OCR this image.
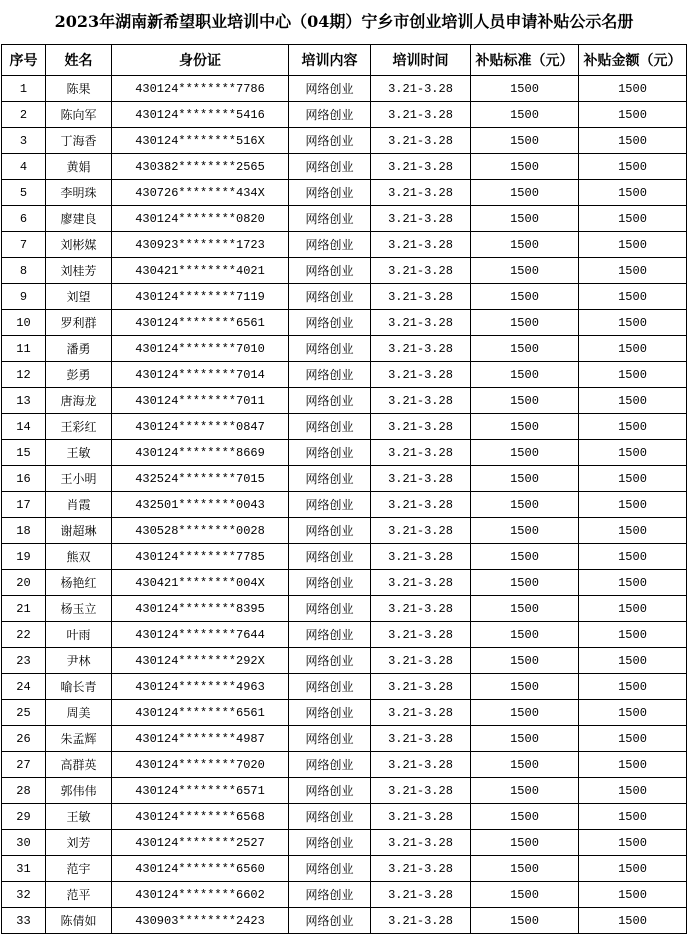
2023年湖南新希望职业培训中心（04期）宁乡市创业培训人员申请补贴公示名册
序号	姓名	身份证	培训内容	培训时间	补贴标准（元）	补贴金额（元）
1	陈果	430124********7786	网络创业	3.21-3.28	1500	1500
2	陈向军	430124********5416	网络创业	3.21-3.28	1500	1500
3	丁海香	430124********516X	网络创业	3.21-3.28	1500	1500
4	黄娟	430382********2565	网络创业	3.21-3.28	1500	1500
5	李明珠	430726********434X	网络创业	3.21-3.28	1500	1500
6	廖建良	430124********0820	网络创业	3.21-3.28	1500	1500
7	刘彬媒	430923********1723	网络创业	3.21-3.28	1500	1500
8	刘桂芳	430421********4021	网络创业	3.21-3.28	1500	1500
9	刘望	430124********7119	网络创业	3.21-3.28	1500	1500
10	罗利群	430124********6561	网络创业	3.21-3.28	1500	1500
11	潘勇	430124********7010	网络创业	3.21-3.28	1500	1500
12	彭勇	430124********7014	网络创业	3.21-3.28	1500	1500
13	唐海龙	430124********7011	网络创业	3.21-3.28	1500	1500
14	王彩红	430124********0847	网络创业	3.21-3.28	1500	1500
15	王敏	430124********8669	网络创业	3.21-3.28	1500	1500
16	王小明	432524********7015	网络创业	3.21-3.28	1500	1500
17	肖霞	432501********0043	网络创业	3.21-3.28	1500	1500
18	谢超琳	430528********0028	网络创业	3.21-3.28	1500	1500
19	熊双	430124********7785	网络创业	3.21-3.28	1500	1500
20	杨艳红	430421********004X	网络创业	3.21-3.28	1500	1500
21	杨玉立	430124********8395	网络创业	3.21-3.28	1500	1500
22	叶雨	430124********7644	网络创业	3.21-3.28	1500	1500
23	尹林	430124********292X	网络创业	3.21-3.28	1500	1500
24	喻长青	430124********4963	网络创业	3.21-3.28	1500	1500
25	周美	430124********6561	网络创业	3.21-3.28	1500	1500
26	朱孟辉	430124********4987	网络创业	3.21-3.28	1500	1500
27	高群英	430124********7020	网络创业	3.21-3.28	1500	1500
28	郭伟伟	430124********6571	网络创业	3.21-3.28	1500	1500
29	王敏	430124********6568	网络创业	3.21-3.28	1500	1500
30	刘芳	430124********2527	网络创业	3.21-3.28	1500	1500
31	范宇	430124********6560	网络创业	3.21-3.28	1500	1500
32	范平	430124********6602	网络创业	3.21-3.28	1500	1500
33	陈倩如	430903********2423	网络创业	3.21-3.28	1500	1500
